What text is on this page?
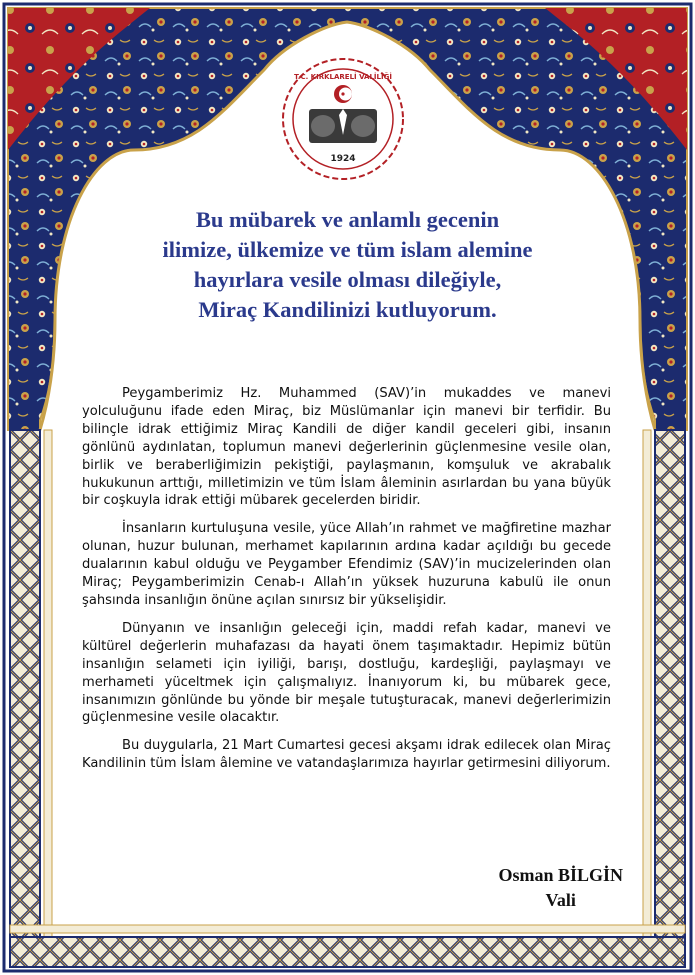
T.C. KIRKLARELİ VALİLİĞİ
1924
Bu mübarek ve anlamlı gecenin
ilimize, ülkemize ve tüm islam alemine
hayırlara vesile olması dileğiyle,
Miraç Kandilinizi kutluyorum.

Peygamberimiz Hz. Muhammed (SAV)’in mukaddes ve manevi yolculuğunu ifade eden Miraç, biz Müslümanlar için manevi bir terfidir. Bu bilinçle idrak ettiğimiz Miraç Kandili de diğer kandil geceleri gibi, insanın gönlünü aydınlatan, toplumun manevi değerlerinin güçlenmesine vesile olan, birlik ve beraberliğimizin pekiştiği, paylaşmanın, komşuluk ve akrabalık hukukunun arttığı, milletimizin ve tüm İslam âleminin asırlardan bu yana büyük bir coşkuyla idrak ettiği mübarek gecelerden biridir.

İnsanların kurtuluşuna vesile, yüce Allah’ın rahmet ve mağfiretine mazhar olunan, huzur bulunan, merhamet kapılarının ardına kadar açıldığı bu gecede dualarının kabul olduğu ve Peygamber Efendimiz (SAV)’in mucizelerinden olan Miraç; Peygamberimizin Cenab-ı Allah’ın yüksek huzuruna kabulü ile onun şahsında insanlığın önüne açılan sınırsız bir yükselişidir.

Dünyanın ve insanlığın geleceği için, maddi refah kadar, manevi ve kültürel değerlerin muhafazası da hayati önem taşımaktadır. Hepimiz bütün insanlığın selameti için iyiliği, barışı, dostluğu, kardeşliği, paylaşmayı ve merhameti yüceltmek için çalışmalıyız. İnanıyorum ki, bu mübarek gece, insanımızın gönlünde bu yönde bir meşale tutuşturacak, manevi değerlerimizin güçlenmesine vesile olacaktır.

Bu duygularla, 21 Mart Cumartesi gecesi akşamı idrak edilecek olan Miraç Kandilinin tüm İslam âlemine ve vatandaşlarımıza hayırlar getirmesini diliyorum.

Osman BİLGİN
Vali
